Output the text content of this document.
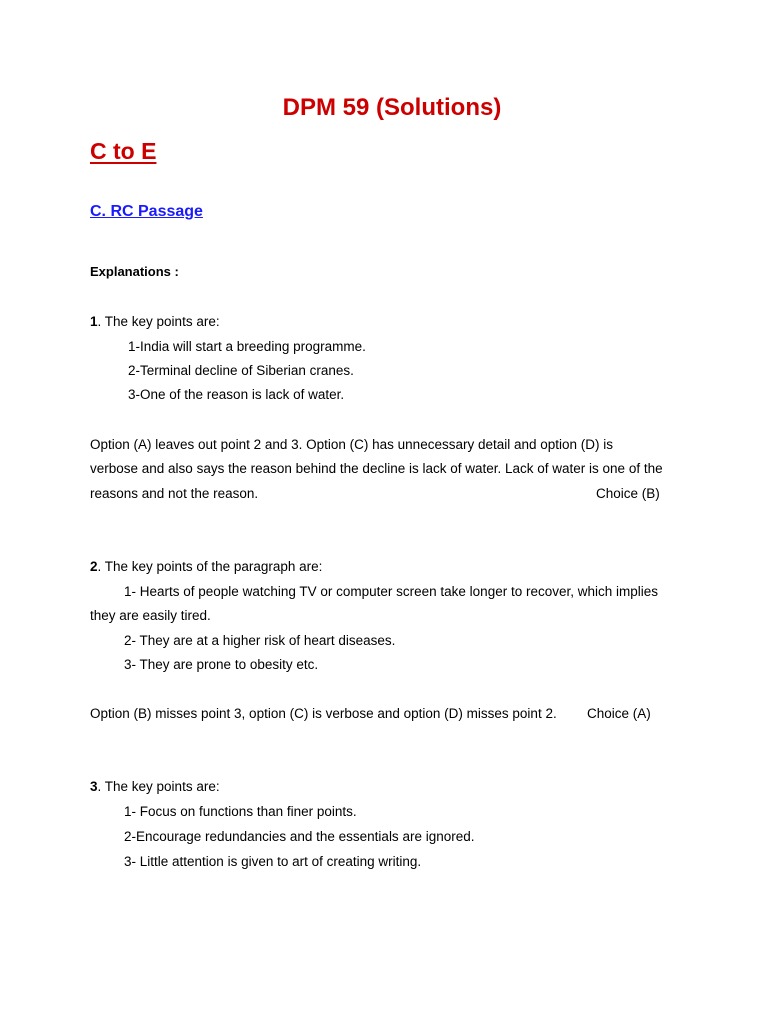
DPM 59 (Solutions)
C to E
C. RC Passage
Explanations :
1. The key points are:
1-India will start a breeding programme.
2-Terminal decline of Siberian cranes.
3-One of the reason is lack of water.
Option (A) leaves out point 2 and 3. Option (C) has unnecessary detail and option (D) is
verbose and also says the reason behind the decline is lack of water. Lack of water is one of the
reasons and not the reason.	Choice (B)
2. The key points of the paragraph are:
1- Hearts of people watching TV or computer screen take longer to recover, which implies
they are easily tired.
2- They are at a higher risk of heart diseases.
3- They are prone to obesity etc.
Option (B) misses point 3, option (C) is verbose and option (D) misses point 2. Choice (A)
3. The key points are:
1- Focus on functions than finer points.
2-Encourage redundancies and the essentials are ignored.
3- Little attention is given to art of creating writing.
